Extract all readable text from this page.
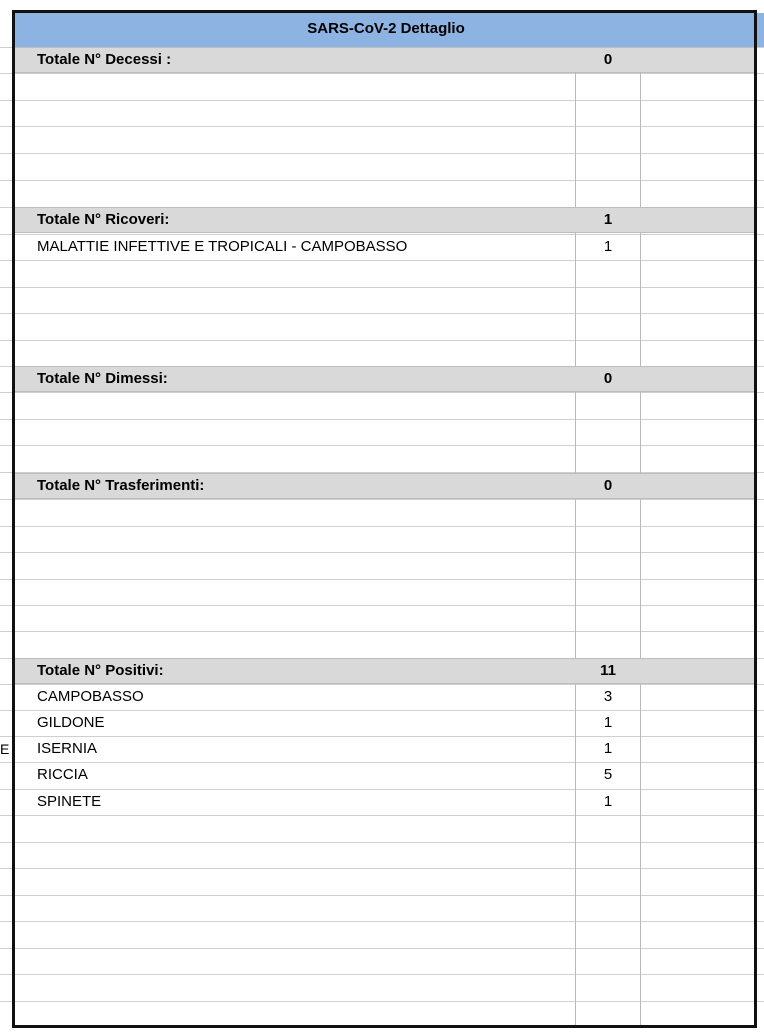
SARS-CoV-2 Dettaglio
Totale N° Decessi :	0
Totale N° Ricoveri:	1
MALATTIE INFETTIVE E TROPICALI - CAMPOBASSO	1
Totale N° Dimessi:	0
Totale N° Trasferimenti:	0
Totale N° Positivi:	11
CAMPOBASSO	3
GILDONE	1
E ISERNIA	1
RICCIA	5
SPINETE	1
